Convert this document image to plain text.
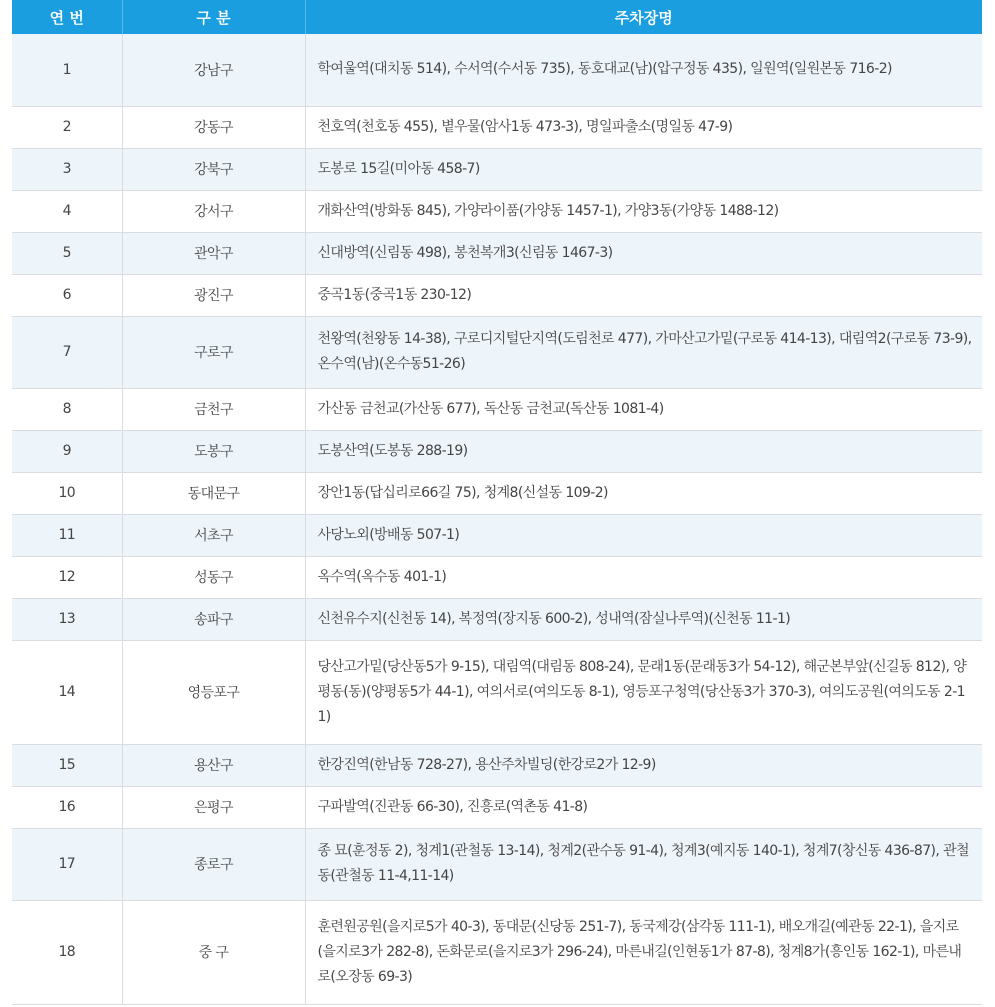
연 번	구 분	주차장명
1	강남구	학여울역(대치동 514), 수서역(수서동 735), 동호대교(남)(압구정동 435), 일원역(일원본동 716-2)
2	강동구	천호역(천호동 455), 볕우물(암사1동 473-3), 명일파출소(명일동 47-9)
3	강북구	도봉로 15길(미아동 458-7)
4	강서구	개화산역(방화동 845), 가양라이품(가양동 1457-1), 가양3동(가양동 1488-12)
5	관악구	신대방역(신림동 498), 봉천복개3(신림동 1467-3)
6	광진구	중곡1동(중곡1동 230-12)
7	구로구	천왕역(천왕동 14-38), 구로디지털단지역(도림천로 477), 가마산고가밑(구로동 414-13), 대림역2(구로동 73-9), 온수역(남)(온수동51-26)
8	금천구	가산동 금천교(가산동 677), 독산동 금천교(독산동 1081-4)
9	도봉구	도봉산역(도봉동 288-19)
10	동대문구	장안1동(답십리로66길 75), 청계8(신설동 109-2)
11	서초구	사당노외(방배동 507-1)
12	성동구	옥수역(옥수동 401-1)
13	송파구	신천유수지(신천동 14), 복정역(장지동 600-2), 성내역(잠실나루역)(신천동 11-1)
14	영등포구	당산고가밑(당산동5가 9-15), 대림역(대림동 808-24), 문래1동(문래동3가 54-12), 해군본부앞(신길동 812), 양평동(동)(양평동5가 44-1), 여의서로(여의도동 8-1), 영등포구청역(당산동3가 370-3), 여의도공원(여의도동 2-11)
15	용산구	한강진역(한남동 728-27), 용산주차빌딩(한강로2가 12-9)
16	은평구	구파발역(진관동 66-30), 진흥로(역촌동 41-8)
17	종로구	종 묘(훈정동 2), 청계1(관철동 13-14), 청계2(관수동 91-4), 청계3(예지동 140-1), 청계7(창신동 436-87), 관철동(관철동 11-4,11-14)
18	중 구	훈련원공원(을지로5가 40-3), 동대문(신당동 251-7), 동국제강(삼각동 111-1), 배오개길(예관동 22-1), 을지로(을지로3가 282-8), 돈화문로(을지로3가 296-24), 마른내길(인현동1가 87-8), 청계8가(흥인동 162-1), 마른내로(오장동 69-3)
